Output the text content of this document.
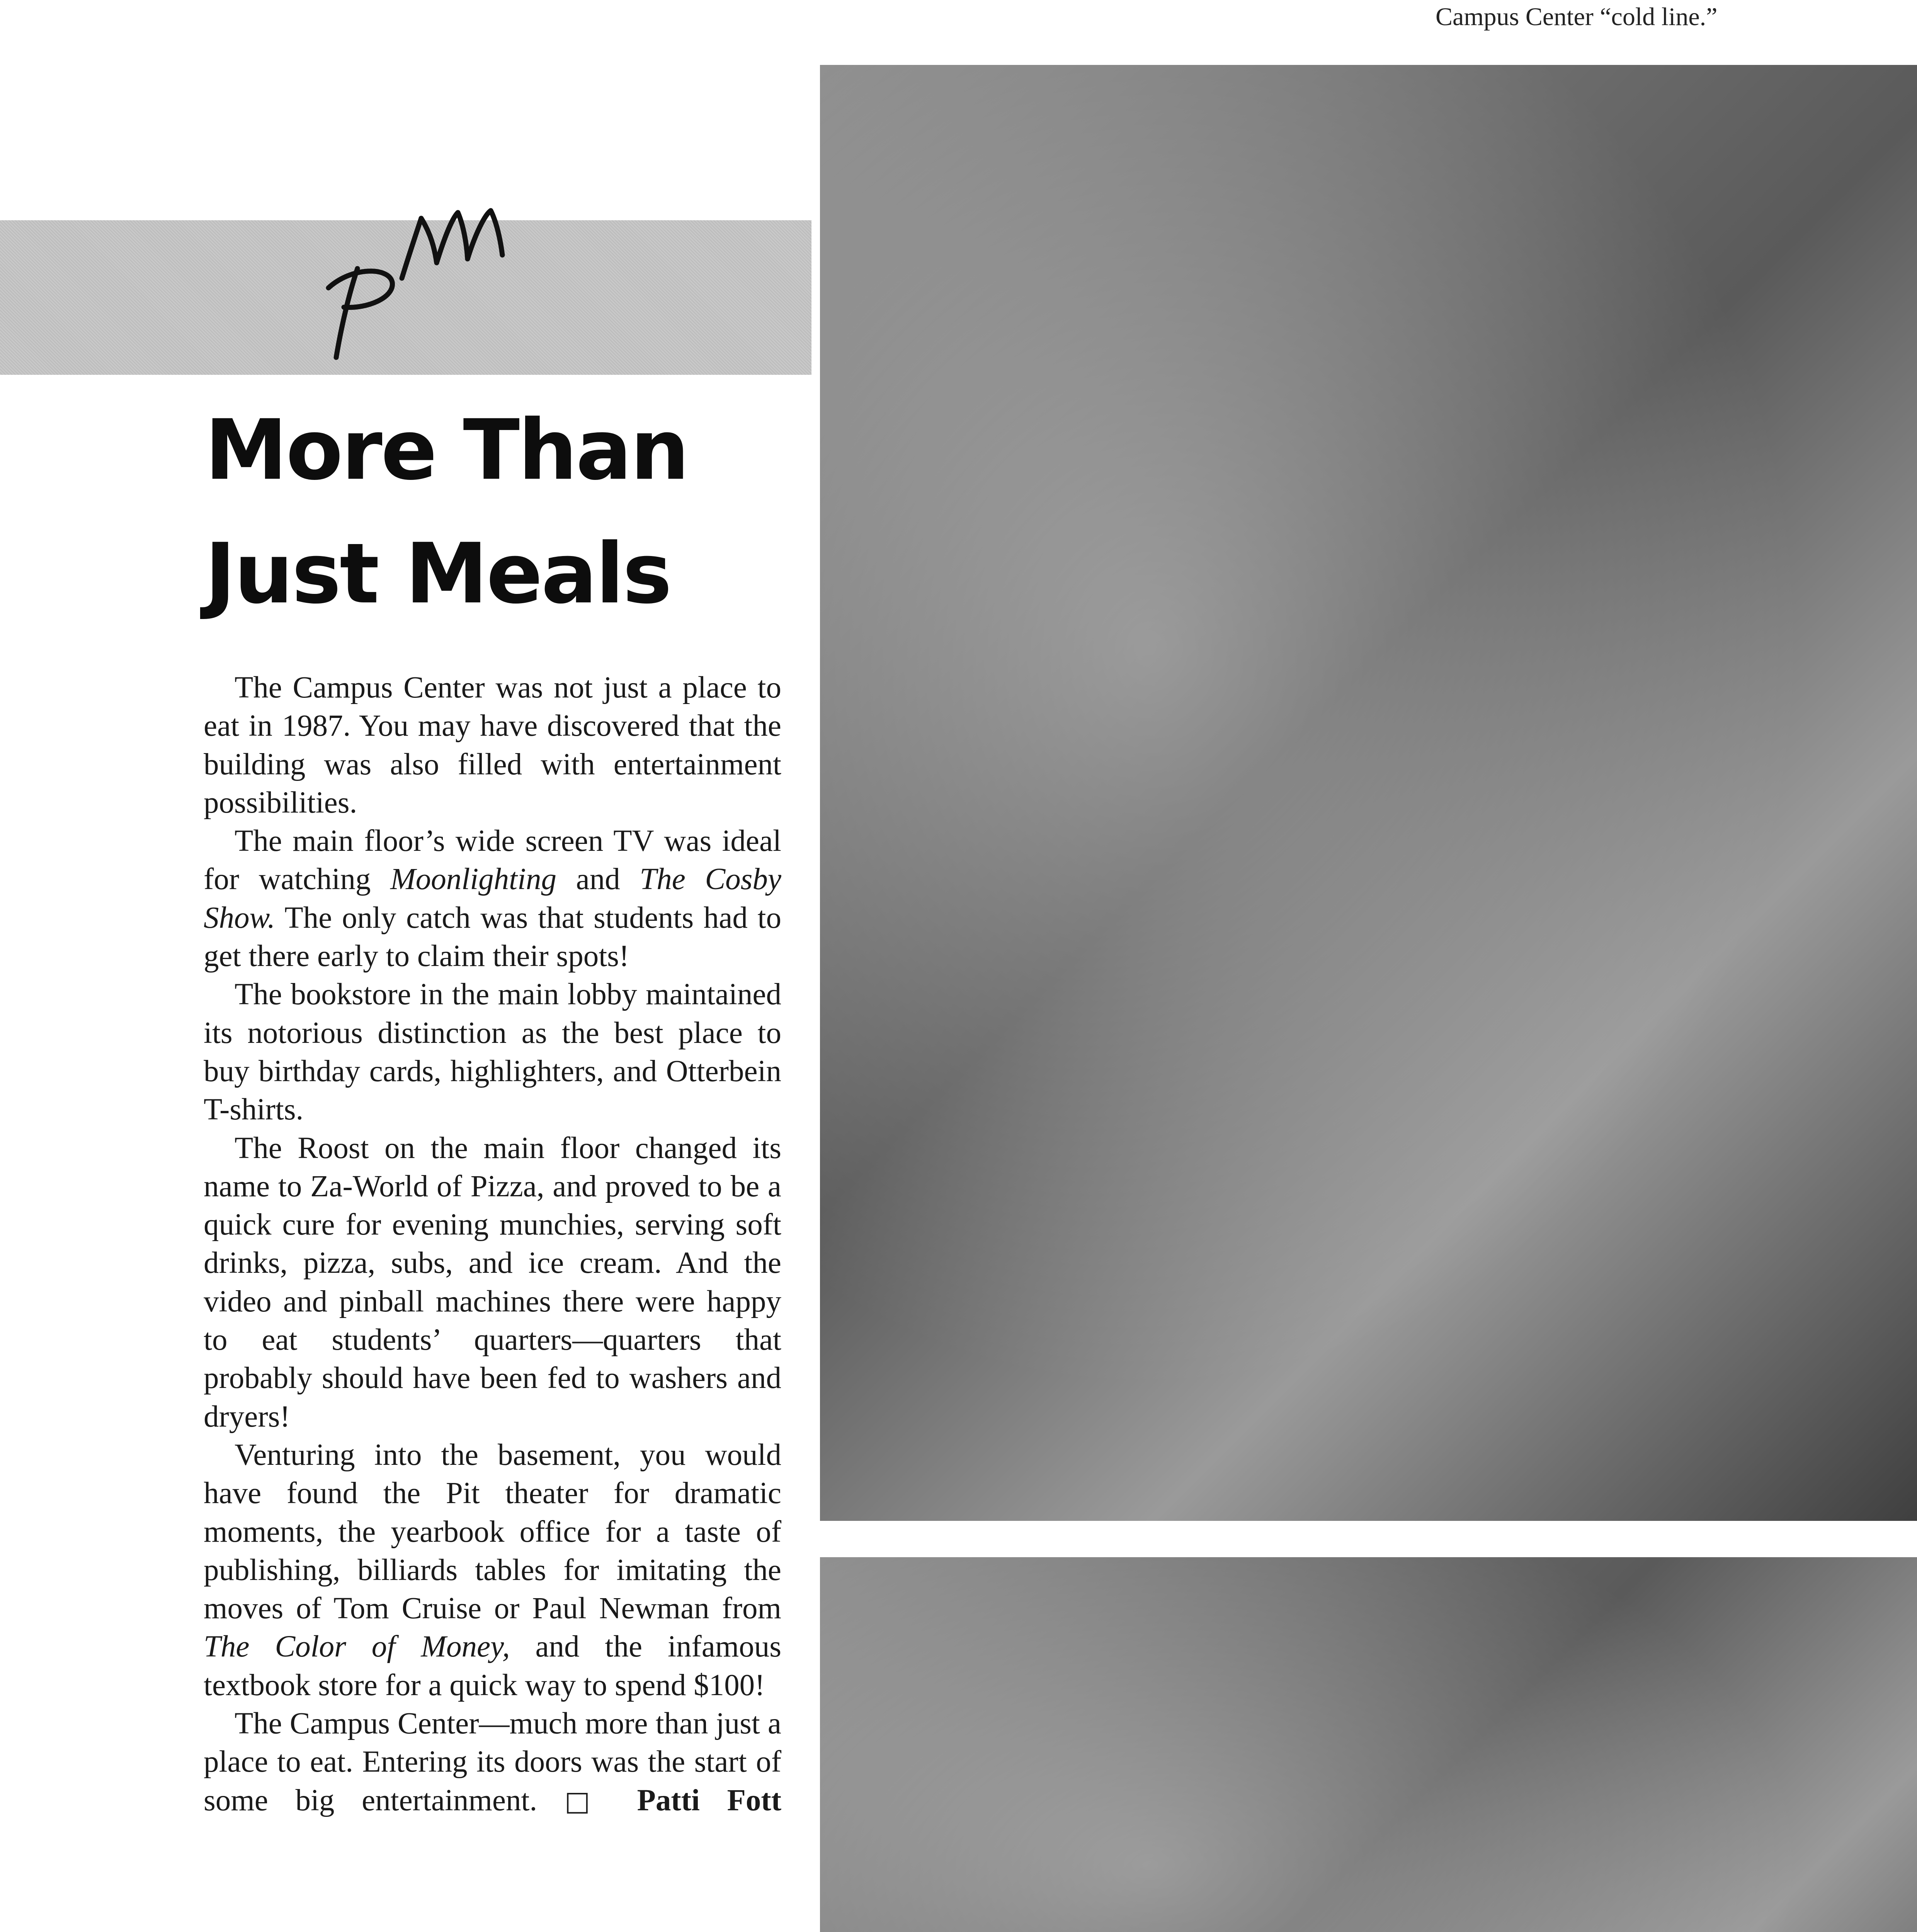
Campus Center “cold line.”
More Than
Just Meals

The Campus Center was not just a place to eat in 1987. You may have discovered that the building was also filled with entertainment possibilities.

The main floor’s wide screen TV was ideal for watching Moonlighting and The Cosby Show. The only catch was that students had to get there early to claim their spots!

The bookstore in the main lobby maintained its notorious distinction as the best place to buy birthday cards, highlighters, and Otterbein T-shirts.

The Roost on the main floor changed its name to Za-World of Pizza, and proved to be a quick cure for evening munchies, serving soft drinks, pizza, subs, and ice cream. And the video and pinball machines there were happy to eat students’ quarters—quarters that probably should have been fed to washers and dryers!

Venturing into the basement, you would have found the Pit theater for dramatic moments, the yearbook office for a taste of publishing, billiards tables for imitating the moves of Tom Cruise or Paul Newman from The Color of Money, and the infamous textbook store for a quick way to spend $100!

The Campus Center—much more than just a place to eat. Entering its doors was the start of some big entertainment. □ Patti Fott
